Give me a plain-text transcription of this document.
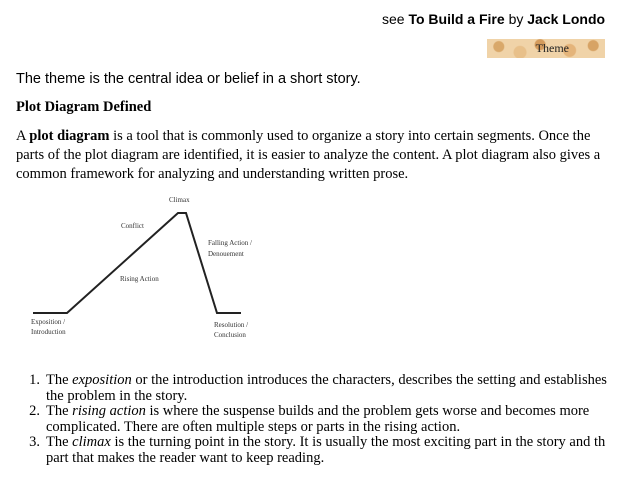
see To Build a Fire by Jack Londo
Theme
The theme is the central idea or belief in a short story.
Plot Diagram Defined
A plot diagram is a tool that is commonly used to organize a story into certain segments. Once the
parts of the plot diagram are identified, it is easier to analyze the content. A plot diagram also gives a
common framework for analyzing and understanding written prose.
Climax
Conflict
Falling Action /
Denouement
Rising Action
Exposition /
Introduction
Resolution /
Conclusion
1. The exposition or the introduction introduces the characters, describes the setting and establishes
the problem in the story.
2. The rising action is where the suspense builds and the problem gets worse and becomes more
complicated. There are often multiple steps or parts in the rising action.
3. The climax is the turning point in the story. It is usually the most exciting part in the story and th
part that makes the reader want to keep reading.
